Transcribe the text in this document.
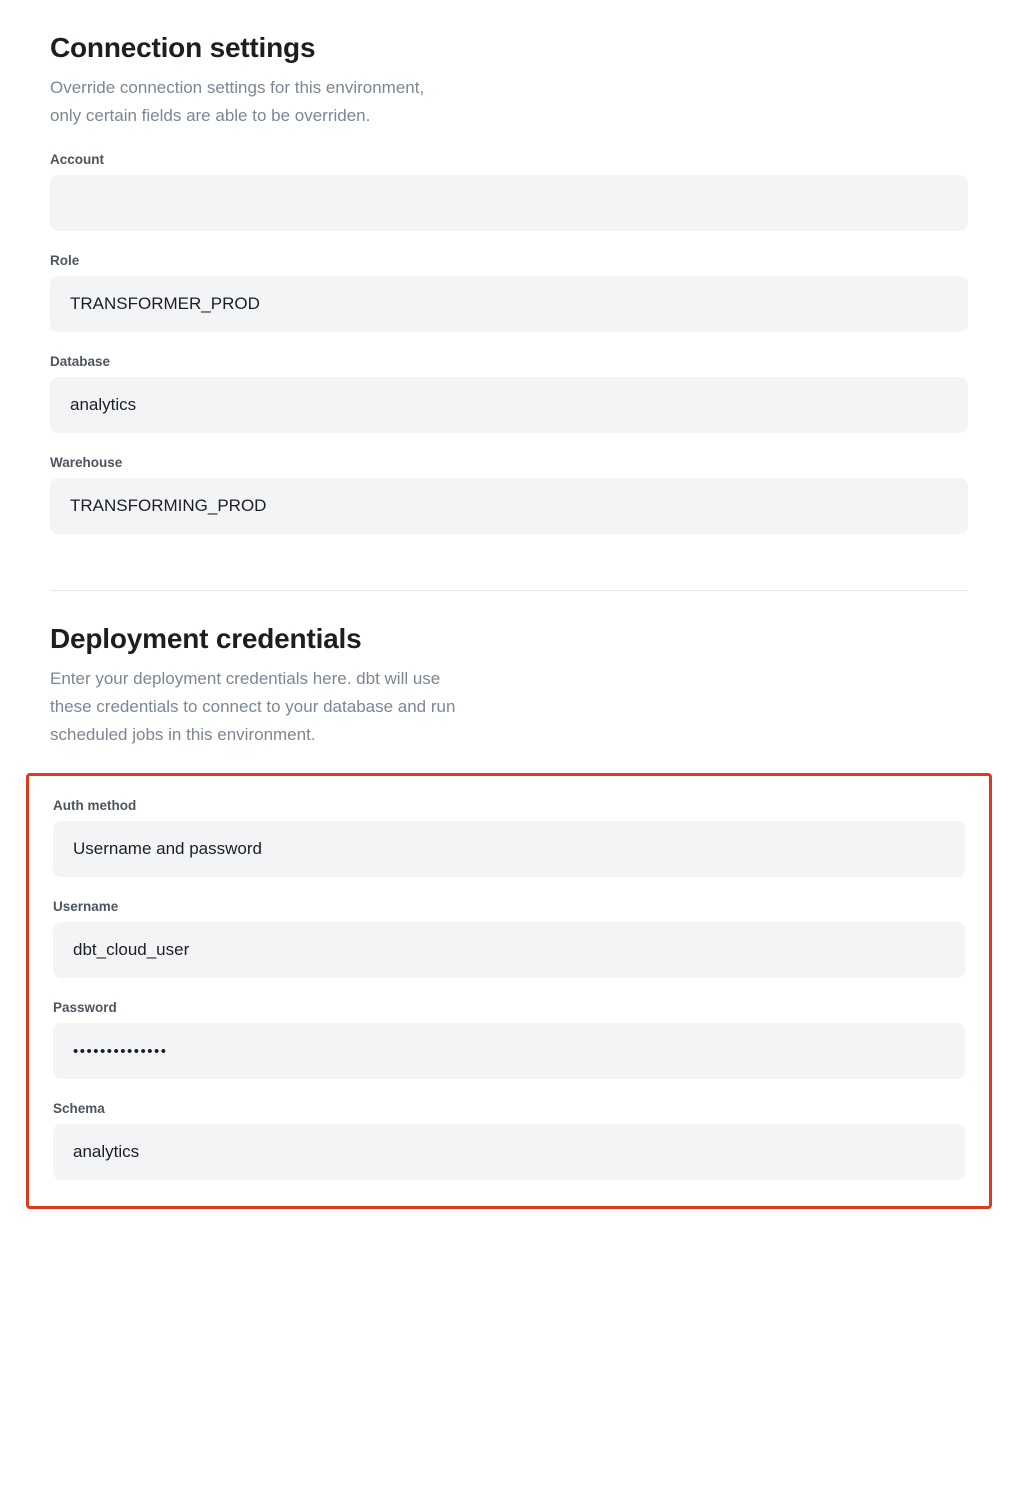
Connection settings

Override connection settings for this environment,
only certain fields are able to be overriden.

Account
Role
TRANSFORMER_PROD
Database
analytics
Warehouse
TRANSFORMING_PROD
Deployment credentials

Enter your deployment credentials here. dbt will use
these credentials to connect to your database and run
scheduled jobs in this environment.

Auth method
Username and password
Username
dbt_cloud_user
Password
••••••••••••••
Schema
analytics
